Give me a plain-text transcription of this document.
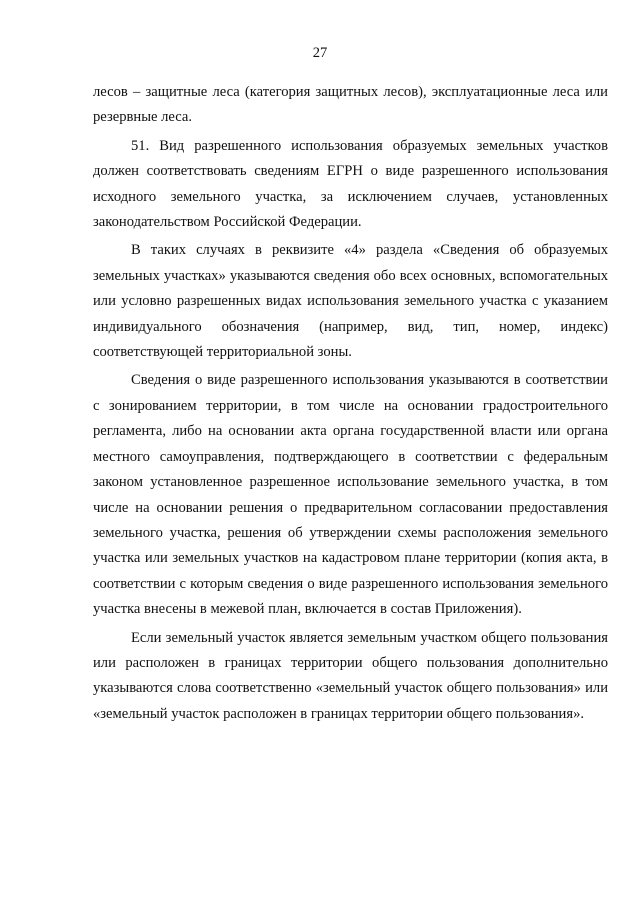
27

лесов – защитные леса (категория защитных лесов), эксплуатационные леса или резервные леса.

51. Вид разрешенного использования образуемых земельных участков должен соответствовать сведениям ЕГРН о виде разрешенного использования исходного земельного участка, за исключением случаев, установленных законодательством Российской Федерации.

В таких случаях в реквизите «4» раздела «Сведения об образуемых земельных участках» указываются сведения обо всех основных, вспомогательных или условно разрешенных видах использования земельного участка с указанием индивидуального обозначения (например, вид, тип, номер, индекс) соответствующей территориальной зоны.

Сведения о виде разрешенного использования указываются в соответствии с зонированием территории, в том числе на основании градостроительного регламента, либо на основании акта органа государственной власти или органа местного самоуправления, подтверждающего в соответствии с федеральным законом установленное разрешенное использование земельного участка, в том числе на основании решения о предварительном согласовании предоставления земельного участка, решения об утверждении схемы расположения земельного участка или земельных участков на кадастровом плане территории (копия акта, в соответствии с которым сведения о виде разрешенного использования земельного участка внесены в межевой план, включается в состав Приложения).

Если земельный участок является земельным участком общего пользования или расположен в границах территории общего пользования дополнительно указываются слова соответственно «земельный участок общего пользования» или «земельный участок расположен в границах территории общего пользования».
